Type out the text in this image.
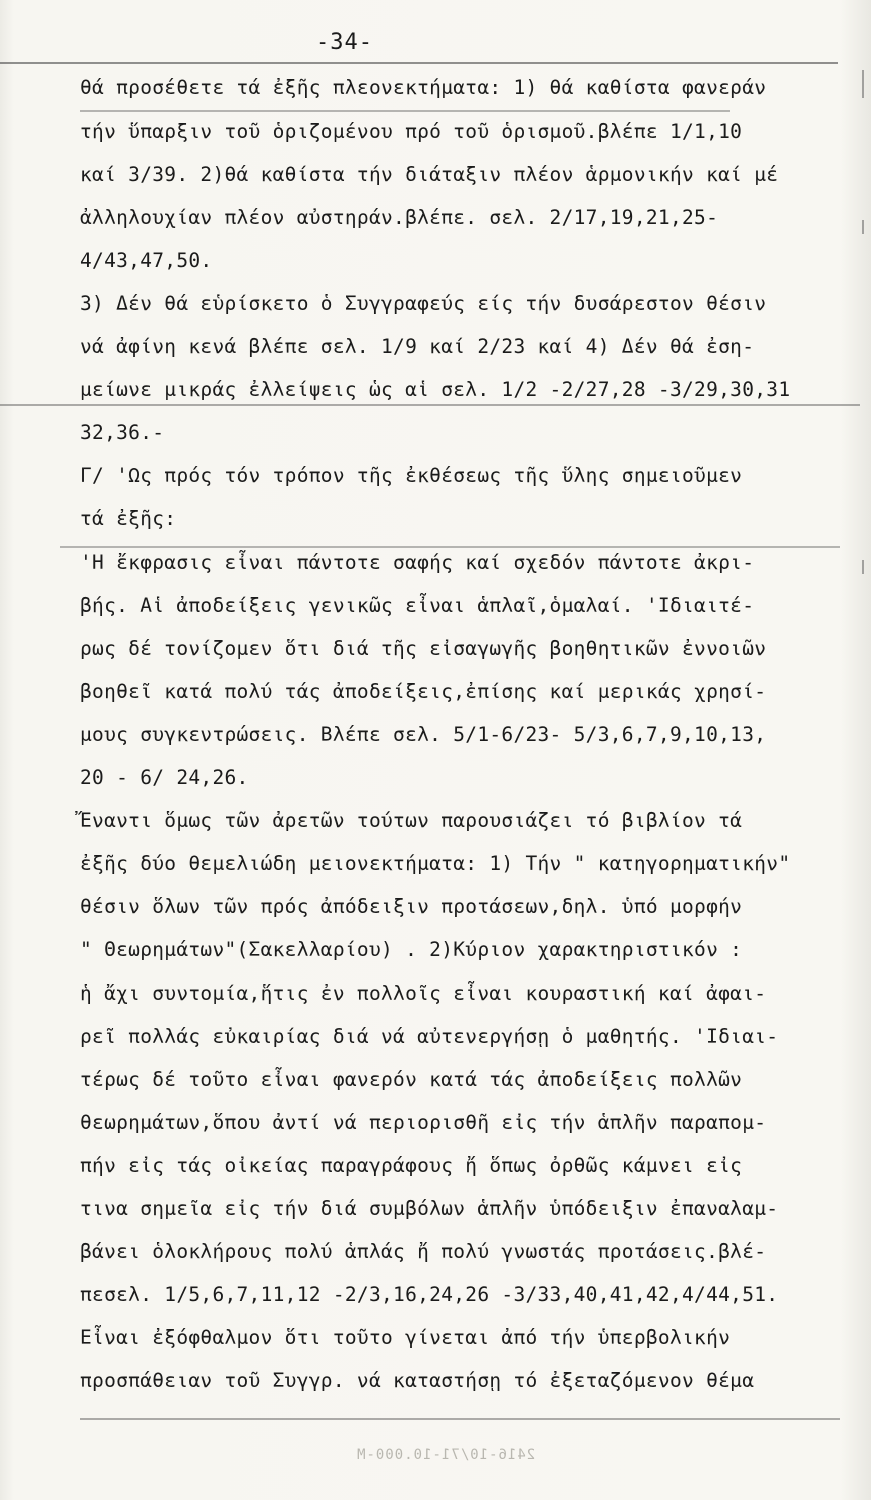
-34-
θά προσέθετε τά ἐξῆς πλεονεκτήματα: 1) θά καθίστα φανεράν
τήν ὕπαρξιν τοῦ ὁριζομένου πρό τοῦ ὁρισμοῦ.βλέπε 1/1,10
καί 3/39. 2)θά καθίστα τήν διάταξιν πλέον ἁρμονικήν καί μέ
ἀλληλουχίαν πλέον αὐστηράν.βλέπε. σελ. 2/17,19,21,25-
4/43,47,50.
3) Δέν θά εὑρίσκετο ὁ Συγγραφεύς είς τήν δυσάρεστον θέσιν
νά ἀφίνη κενά βλέπε σελ. 1/9 καί 2/23 καί 4) Δέν θά ἐση-
μείωνε μικράς ἐλλείψεις ὡς αἱ σελ. 1/2 -2/27,28 -3/29,30,31
32,36.-
Γ/ 'Ως πρός τόν τρόπον τῆς ἐκθέσεως τῆς ὕλης σημειοῦμεν
τά ἐξῆς:
'Η ἔκφρασις εἶναι πάντοτε σαφής καί σχεδόν πάντοτε ἀκρι-
βής. Αἱ ἀποδείξεις γενικῶς εἶναι ἁπλαῖ,ὁμαλαί. 'Ιδιαιτέ-
ρως δέ τονίζομεν ὅτι διά τῆς εἰσαγωγῆς βοηθητικῶν ἐννοιῶν
βοηθεῖ κατά πολύ τάς ἀποδείξεις,ἐπίσης καί μερικάς χρησί-
μους συγκεντρώσεις. Βλέπε σελ. 5/1-6/23- 5/3,6,7,9,10,13,
20 - 6/ 24,26.
Ἔναντι ὅμως τῶν ἀρετῶν τούτων παρουσιάζει τό βιβλίον τά
ἐξῆς δύο θεμελιώδη μειονεκτήματα: 1) Τήν " κατηγορηματικήν"
θέσιν ὅλων τῶν πρός ἀπόδειξιν προτάσεων,δηλ. ὑπό μορφήν
" Θεωρημάτων"(Σακελλαρίου) . 2)Κύριον χαρακτηριστικόν :
ἡ ἄχι συντομία,ἥτις ἐν πολλοῖς εἶναι κουραστική καί ἀφαι-
ρεῖ πολλάς εὐκαιρίας διά νά αὐτενεργήσῃ ὁ μαθητής. 'Ιδιαι-
τέρως δέ τοῦτο εἶναι φανερόν κατά τάς ἀποδείξεις πολλῶν
θεωρημάτων,ὅπου ἀντί νά περιορισθῆ εἰς τήν ἁπλῆν παραπομ-
πήν εἰς τάς οἰκείας παραγράφους ἤ ὅπως ὀρθῶς κάμνει εἰς
τινα σημεῖα εἰς τήν διά συμβόλων ἁπλῆν ὑπόδειξιν ἐπαναλαμ-
βάνει ὁλοκλήρους πολύ ἁπλάς ἤ πολύ γνωστάς προτάσεις.βλέ-
πεσελ. 1/5,6,7,11,12 -2/3,16,24,26 -3/33,40,41,42,4/44,51.
Εἶναι ἐξόφθαλμον ὅτι τοῦτο γίνεται ἀπό τήν ὑπερβολικήν
προσπάθειαν τοῦ Συγγρ. νά καταστήσῃ τό ἐξεταζόμενον θέμα
2416-10/71-10.000-M
